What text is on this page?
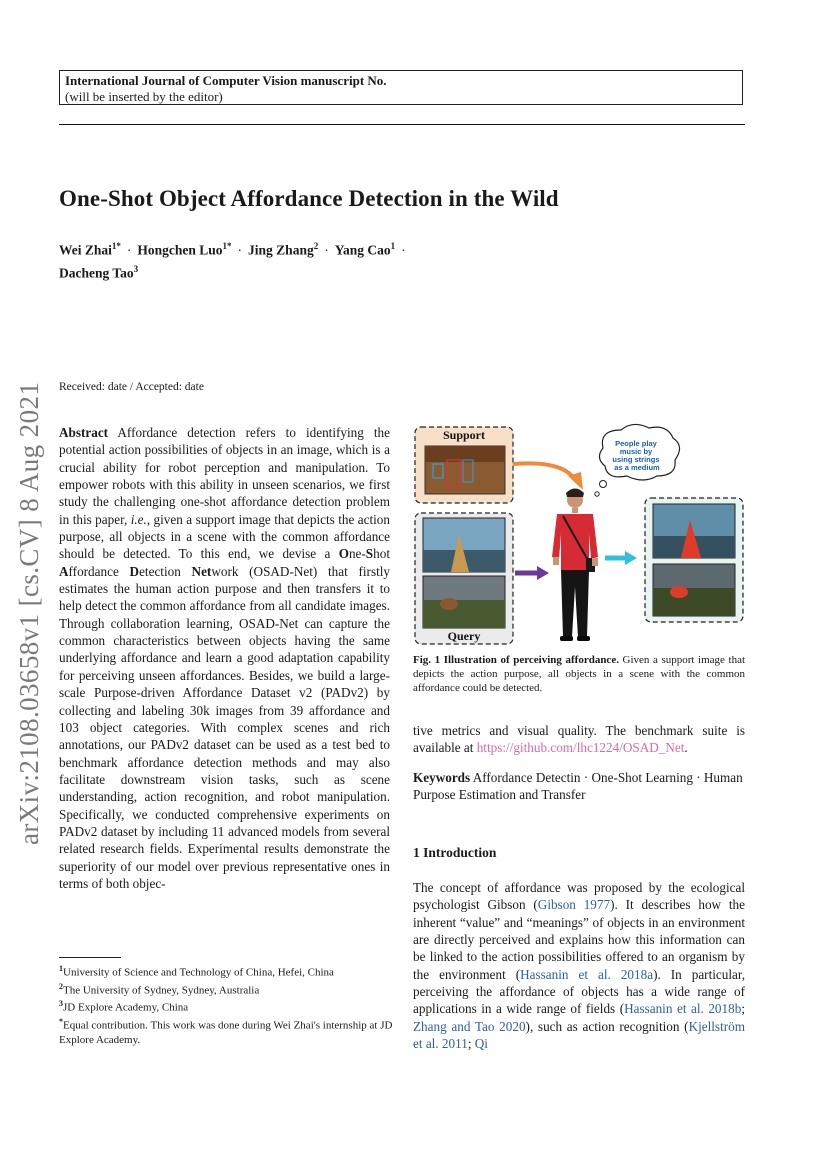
International Journal of Computer Vision manuscript No.
(will be inserted by the editor)
One-Shot Object Affordance Detection in the Wild
Wei Zhai$^{1*}$ · Hongchen Luo$^{1*}$ · Jing Zhang$^2$ · Yang Cao$^1$ ·
Dacheng Tao$^3$
arXiv:2108.03658v1 [cs.CV] 8 Aug 2021 Received: date / Accepted: date
Abstract Affordance detection refers to identifying the potential action possibilities of objects in an image, which is a crucial ability for robot perception and manipulation. To empower robots with this ability in unseen scenarios, we first study the challenging one-shot affordance detection problem in this paper, i.e., given a support image that depicts the action purpose, all objects in a scene with the common affordance should be detected. To this end, we devise a One-Shot Affordance Detection Network (OSAD-Net) that firstly estimates the human action purpose and then transfers it to help detect the common affordance from all candidate images. Through collaboration learning, OSAD-Net can capture the common characteristics between objects having the same underlying affordance and learn a good adaptation capability for perceiving unseen affordances. Besides, we build a large-scale Purpose-driven Affordance Dataset v2 (PADv2) by collecting and labeling 30k images from 39 affordance and 103 object categories. With complex scenes and rich annotations, our PADv2 dataset can be used as a test bed to benchmark affordance detection methods and may also facilitate downstream vision tasks, such as scene understanding, action recognition, and robot manipulation. Specifically, we conducted comprehensive experiments on PADv2 dataset by including 11 advanced models from several related research fields. Experimental results demonstrate the superiority of our model over previous representative ones in terms of both objec-
$^1$University of Science and Technology of China, Hefei, China
$^2$The University of Sydney, Sydney, Australia
$^3$JD Explore Academy, China
*Equal contribution. This work was done during Wei Zhai's internship at JD Explore Academy.
Support
Query
People play music by using strings as a medium
Fig. 1 Illustration of perceiving affordance. Given a support image that depicts the action purpose, all objects in a scene with the common affordance could be detected.
tive metrics and visual quality. The benchmark suite is available at https://github.com/lhc1224/OSAD_Net.
Keywords Affordance Detectin · One-Shot Learning · Human Purpose Estimation and Transfer
1 Introduction
The concept of affordance was proposed by the ecological psychologist Gibson (Gibson 1977). It describes how the inherent “value” and “meanings” of objects in an environment are directly perceived and explains how this information can be linked to the action possibilities offered to an organism by the environment (Hassanin et al. 2018a). In particular, perceiving the affordance of objects has a wide range of applications in a wide range of fields (Hassanin et al. 2018b; Zhang and Tao 2020), such as action recognition (Kjellström et al. 2011; Qi
